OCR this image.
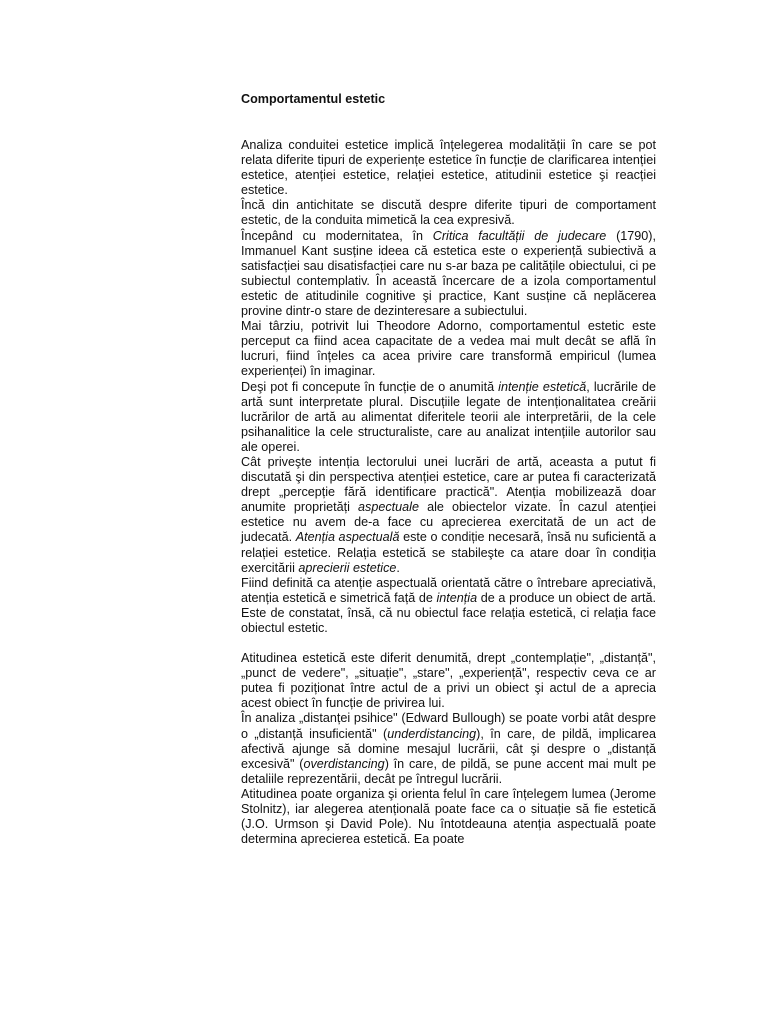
Comportamentul estetic

Analiza conduitei estetice implică înțelegerea modalității în care se pot relata diferite tipuri de experiențe estetice în funcție de clarificarea intenției estetice, atenției estetice, relației estetice, atitudinii estetice şi reacției estetice.

Încă din antichitate se discută despre diferite tipuri de comportament estetic, de la conduita mimetică la cea expresivă.

Începând cu modernitatea, în Critica facultății de judecare (1790), Immanuel Kant susține ideea că estetica este o experiență subiectivă a satisfacției sau disatisfacției care nu s-ar baza pe calitățile obiectului, ci pe subiectul contemplativ. În această încercare de a izola comportamentul estetic de atitudinile cognitive şi practice, Kant susține că neplăcerea provine dintr-o stare de dezinteresare a subiectului.

Mai târziu, potrivit lui Theodore Adorno, comportamentul estetic este perceput ca fiind acea capacitate de a vedea mai mult decât se află în lucruri, fiind înțeles ca acea privire care transformă empiricul (lumea experienței) în imaginar.

Deşi pot fi concepute în funcție de o anumită intenție estetică, lucrările de artă sunt interpretate plural. Discuțiile legate de intenționalitatea creării lucrărilor de artă au alimentat diferitele teorii ale interpretării, de la cele psihanalitice la cele structuraliste, care au analizat intențiile autorilor sau ale operei.

Cât priveşte intenția lectorului unei lucrări de artă, aceasta a putut fi discutată şi din perspectiva atenției estetice, care ar putea fi caracterizată drept „percepție fără identificare practică". Atenția mobilizează doar anumite proprietăți aspectuale ale obiectelor vizate. În cazul atenției estetice nu avem de-a face cu aprecierea exercitată de un act de judecată. Atenția aspectuală este o condiție necesară, însă nu suficientă a relației estetice. Relația estetică se stabileşte ca atare doar în condiția exercitării aprecierii estetice.

Fiind definită ca atenție aspectuală orientată către o întrebare apreciativă, atenția estetică e simetrică față de intenția de a produce un obiect de artă. Este de constatat, însă, că nu obiectul face relația estetică, ci relația face obiectul estetic.

Atitudinea estetică este diferit denumită, drept „contemplație", „distanță", „punct de vedere", „situație", „stare", „experiență", respectiv ceva ce ar putea fi poziționat între actul de a privi un obiect şi actul de a aprecia acest obiect în funcție de privirea lui.

În analiza „distanței psihice" (Edward Bullough) se poate vorbi atât despre o „distanță insuficientă" (underdistancing), în care, de pildă, implicarea afectivă ajunge să domine mesajul lucrării, cât şi despre o „distanță excesivă" (overdistancing) în care, de pildă, se pune accent mai mult pe detaliile reprezentării, decât pe întregul lucrării.

Atitudinea poate organiza şi orienta felul în care înțelegem lumea (Jerome Stolnitz), iar alegerea atențională poate face ca o situație să fie estetică (J.O. Urmson şi David Pole). Nu întotdeauna atenția aspectuală poate determina aprecierea estetică. Ea poate
